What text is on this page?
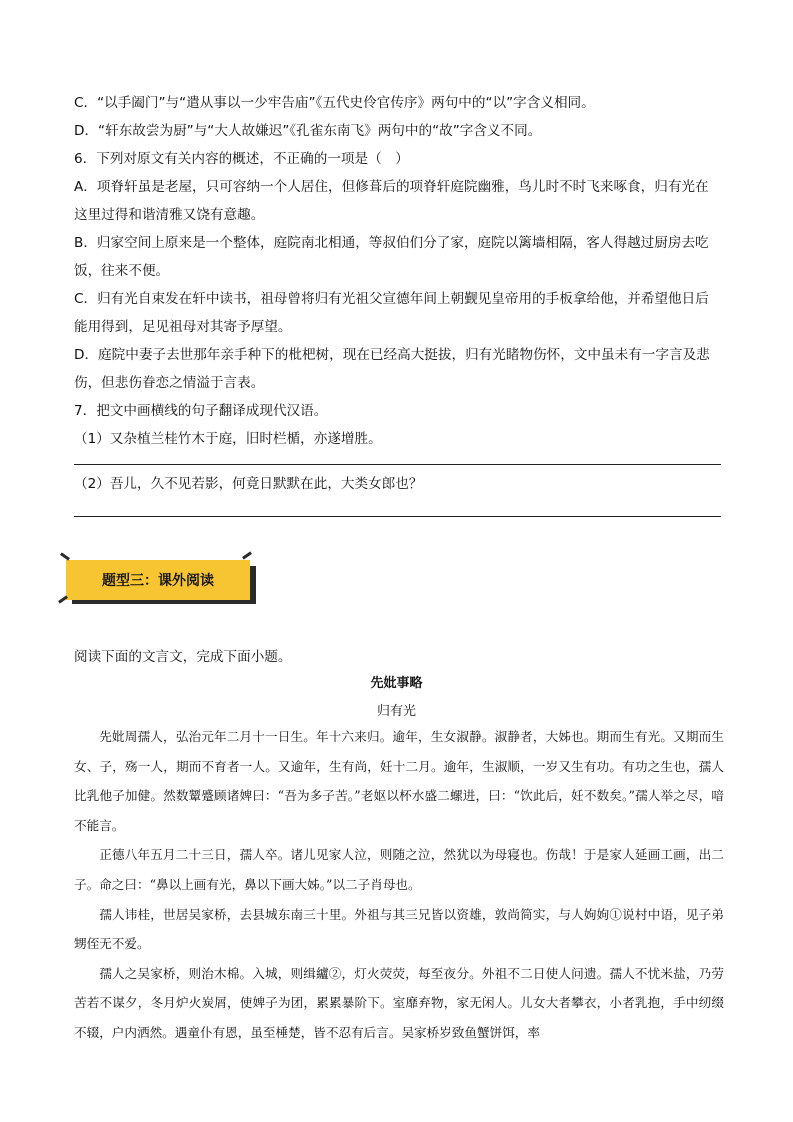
C．“以手阖门”与“遣从事以一少牢告庙”《五代史伶官传序》两句中的“以”字含义相同。

D．“轩东故尝为厨”与“大人故嫌迟”《孔雀东南飞》两句中的“故”字含义不同。

6．下列对原文有关内容的概述，不正确的一项是（　）

A．项脊轩虽是老屋，只可容纳一个人居住，但修葺后的项脊轩庭院幽雅，鸟儿时不时飞来啄食，归有光在

这里过得和谐清雅又饶有意趣。

B．归家空间上原来是一个整体，庭院南北相通，等叔伯们分了家，庭院以篱墙相隔，客人得越过厨房去吃

饭，往来不便。

C．归有光自束发在轩中读书，祖母曾将归有光祖父宣德年间上朝觐见皇帝用的手板拿给他，并希望他日后

能用得到，足见祖母对其寄予厚望。

D．庭院中妻子去世那年亲手种下的枇杷树，现在已经高大挺拔，归有光睹物伤怀，文中虽未有一字言及悲

伤，但悲伤眷恋之情溢于言表。

7．把文中画横线的句子翻译成现代汉语。

（1）又杂植兰桂竹木于庭，旧时栏楯，亦遂增胜。

（2）吾儿，久不见若影，何竟日默默在此，大类女郎也？
题型三：课外阅读
阅读下面的文言文，完成下面小题。
先妣事略
归有光

先妣周孺人，弘治元年二月十一日生。年十六来归。逾年，生女淑静。淑静者，大姊也。期而生有光。又期而生女、子，殇一人，期而不育者一人。又逾年，生有尚，妊十二月。逾年，生淑顺，一岁又生有功。有功之生也，孺人比乳他子加健。然数颦蹙顾诸婢曰：“吾为多子苦。”老妪以杯水盛二螺进，曰：“饮此后，妊不数矣。”孺人举之尽，喑不能言。

正德八年五月二十三日，孺人卒。诸儿见家人泣，则随之泣，然犹以为母寝也。伤哉！于是家人延画工画，出二子。命之曰：“鼻以上画有光，鼻以下画大姊。”以二子肖母也。

孺人讳桂，世居吴家桥，去县城东南三十里。外祖与其三兄皆以资雄，敦尚简实，与人姁姁①说村中语，见子弟甥侄无不爱。

孺人之吴家桥，则治木棉。入城，则缉纑②，灯火荧荧，每至夜分。外祖不二日使人问遗。孺人不忧米盐，乃劳苦若不谋夕，冬月炉火炭屑，使婢子为团，累累暴阶下。室靡弃物，家无闲人。儿女大者攀衣，小者乳抱，手中纫缀不辍，户内洒然。遇童仆有恩，虽至棰楚，皆不忍有后言。吴家桥岁致鱼蟹饼饵，率
